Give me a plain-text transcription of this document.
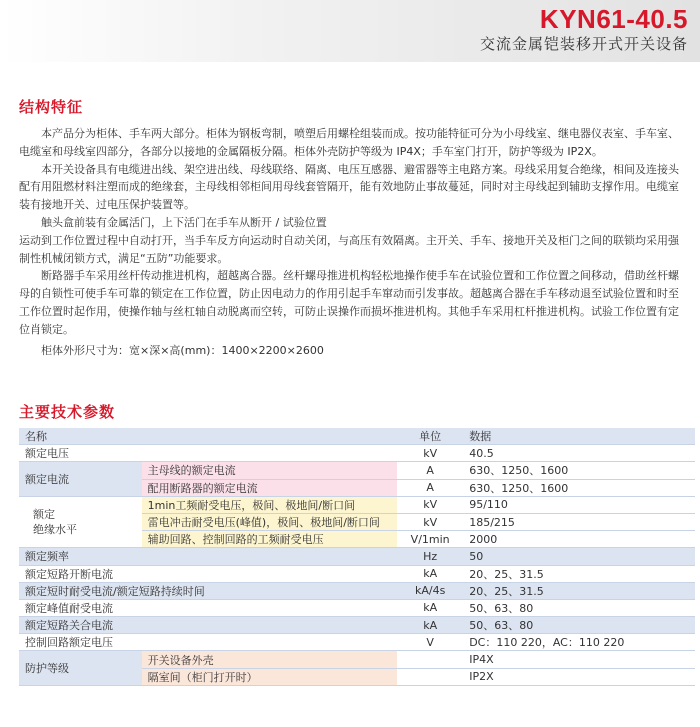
KYN61-40.5
交流金属铠装移开式开关设备
结构特征

本产品分为柜体、手车两大部分。柜体为钢板弯制，喷塑后用螺栓组装而成。按功能特征可分为小母线室、继电器仪表室、手车室、电缆室和母线室四部分，各部分以接地的金属隔板分隔。柜体外壳防护等级为 IP4X；手车室门打开，防护等级为 IP2X。

本开关设备具有电缆进出线、架空进出线、母线联络、隔离、电压互感器、避雷器等主电路方案。母线采用复合绝缘，相间及连接头配有用阻燃材料注塑而成的绝缘套，主母线相邻柜间用母线套管隔开，能有效地防止事故蔓延，同时对主母线起到辅助支撑作用。电缆室装有接地开关、过电压保护装置等。

触头盒前装有金属活门，上下活门在手车从断开 / 试验位置

运动到工作位置过程中自动打开，当手车反方向运动时自动关闭，与高压有效隔离。主开关、手车、接地开关及柜门之间的联锁均采用强制性机械闭锁方式，满足“五防”功能要求。

断路器手车采用丝杆传动推进机构，超越离合器。丝杆螺母推进机构轻松地操作使手车在试验位置和工作位置之间移动，借助丝杆螺母的自锁性可使手车可靠的锁定在工作位置，防止因电动力的作用引起手车窜动而引发事故。超越离合器在手车移动退至试验位置和时至工作位置时起作用，使操作轴与丝杠轴自动脱离而空转，可防止误操作而损坏推进机构。其他手车采用杠杆推进机构。试验工作位置有定位肖锁定。

柜体外形尺寸为：宽×深×高(mm)：1400×2200×2600

主要技术参数
名称		单位	数据
额定电压		kV	40.5
额定电流	主母线的额定电流	A	630、1250、1600
	配用断路器的额定电流	A	630、1250、1600
额定
绝缘水平	1min工频耐受电压，极间、极地间/断口间	kV	95/110
	雷电冲击耐受电压(峰值)，极间、极地间/断口间	kV	185/215
	辅助回路、控制回路的工频耐受电压	V/1min	2000
额定频率		Hz	50
额定短路开断电流		kA	20、25、31.5
额定短时耐受电流/额定短路持续时间		kA/4s	20、25、31.5
额定峰值耐受电流		kA	50、63、80
额定短路关合电流		kA	50、63、80
控制回路额定电压		V	DC：110 220，AC：110 220
防护等级	开关设备外壳		IP4X
	隔室间（柜门打开时）		IP2X
